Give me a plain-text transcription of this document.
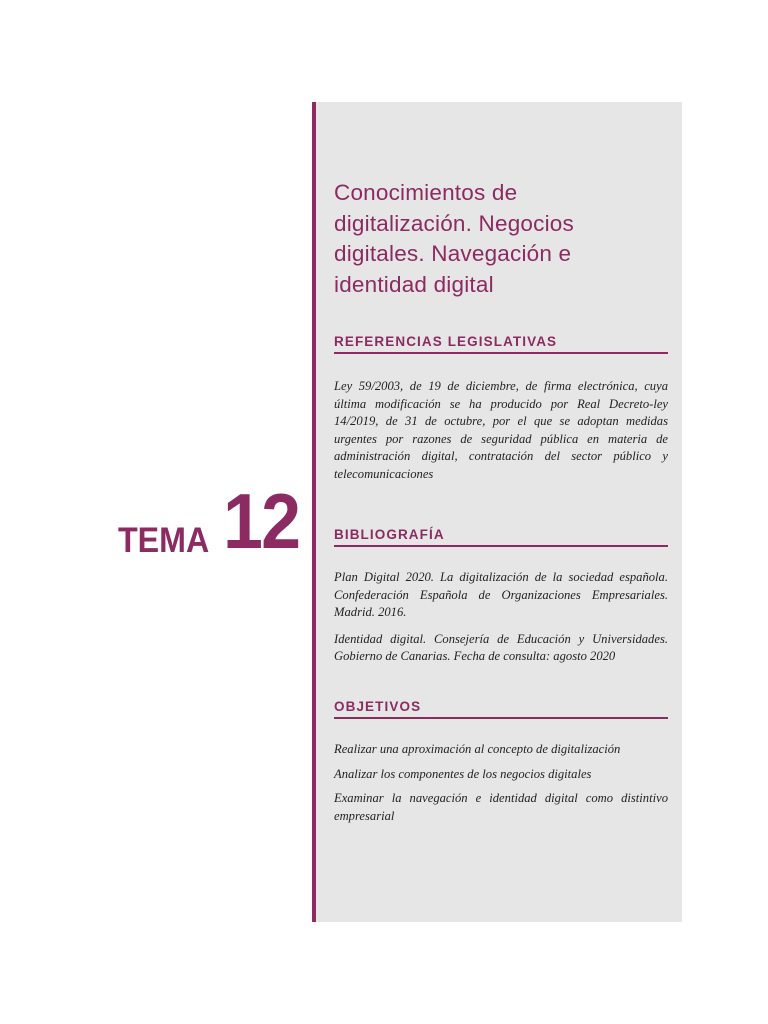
TEMA 12
Conocimientos de
digitalización. Negocios
digitales. Navegación e
identidad digital
REFERENCIAS LEGISLATIVAS

Ley 59/2003, de 19 de diciembre, de firma electrónica, cuya última modificación se ha producido por Real Decreto-ley 14/2019, de 31 de octubre, por el que se adoptan medidas urgentes por razones de seguridad pública en materia de administración digital, contratación del sector público y telecomunicaciones

BIBLIOGRAFÍA

Plan Digital 2020. La digitalización de la sociedad española. Confederación Española de Organizaciones Empresariales. Madrid. 2016.

Identidad digital. Consejería de Educación y Universidades. Gobierno de Canarias. Fecha de consulta: agosto 2020

OBJETIVOS

Realizar una aproximación al concepto de digitalización

Analizar los componentes de los negocios digitales

Examinar la navegación e identidad digital como distintivo empresarial
